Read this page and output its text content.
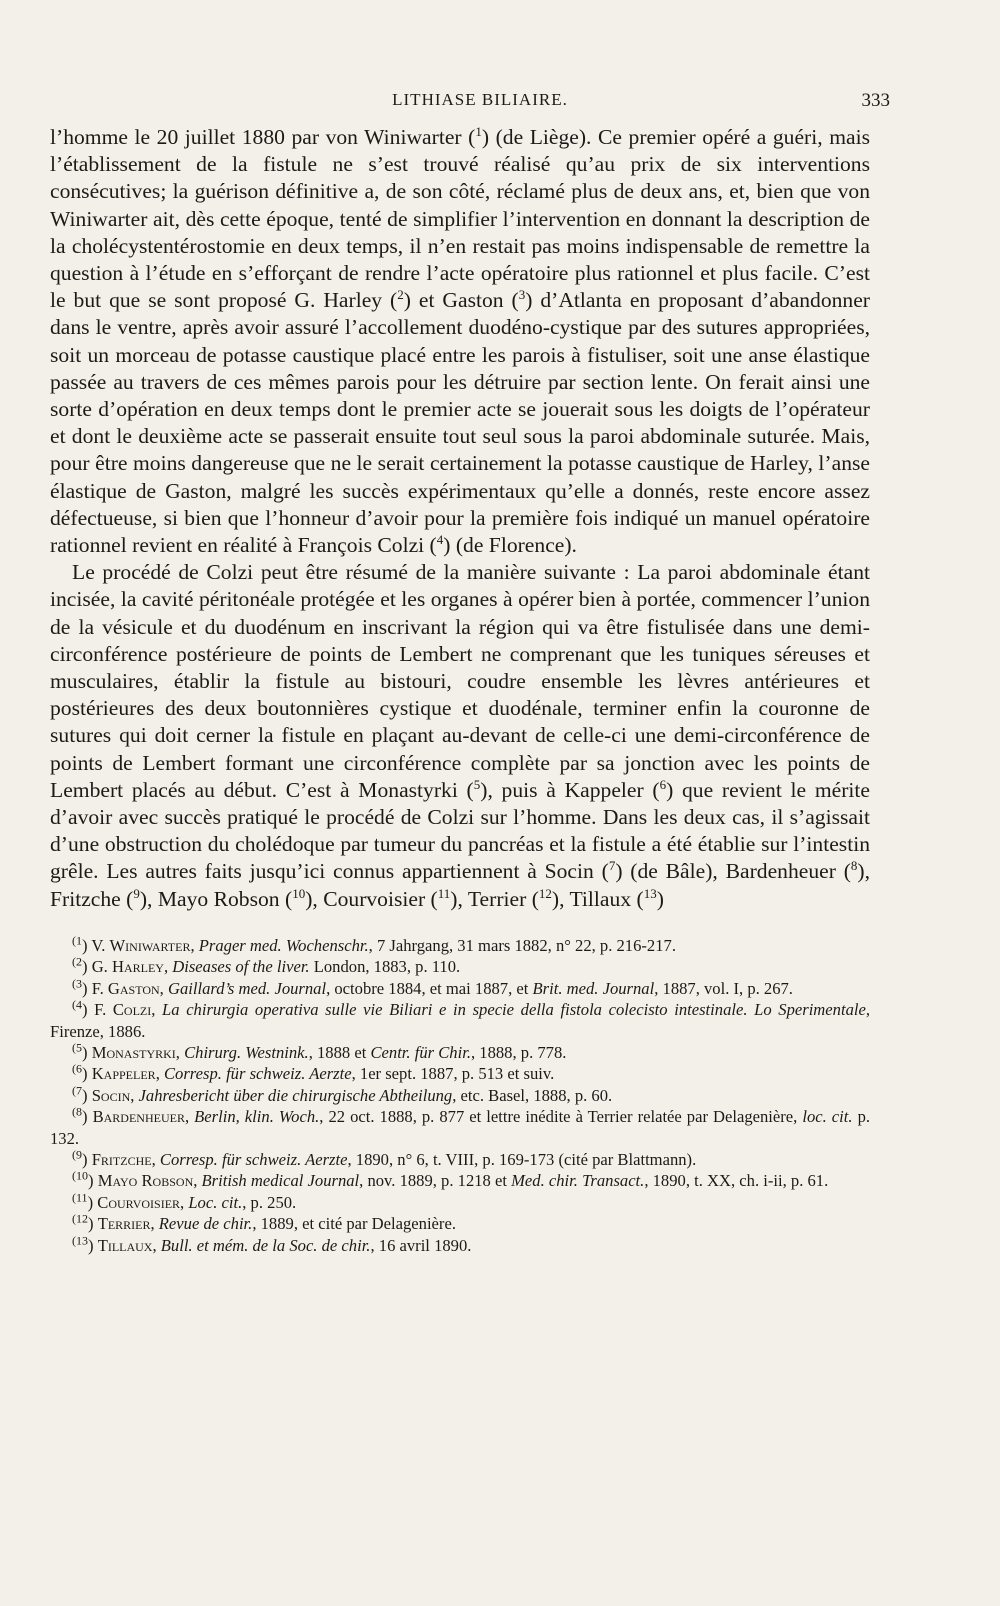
LITHIASE BILIAIRE.	333

l’homme le 20 juillet 1880 par von Winiwarter ($^1$) (de Liège). Ce premier opéré a guéri, mais l’établissement de la fistule ne s’est trouvé réalisé qu’au prix de six interventions consécutives; la guérison définitive a, de son côté, réclamé plus de deux ans, et, bien que von Winiwarter ait, dès cette époque, tenté de simplifier l’intervention en donnant la description de la cholécystentérostomie en deux temps, il n’en restait pas moins indispensable de remettre la question à l’étude en s’efforçant de rendre l’acte opératoire plus rationnel et plus facile. C’est le but que se sont proposé G. Harley ($^2$) et Gaston ($^3$) d’Atlanta en proposant d’abandonner dans le ventre, après avoir assuré l’accollement duodéno-cystique par des sutures appropriées, soit un morceau de potasse caustique placé entre les parois à fistuliser, soit une anse élastique passée au travers de ces mêmes parois pour les détruire par section lente. On ferait ainsi une sorte d’opération en deux temps dont le premier acte se jouerait sous les doigts de l’opérateur et dont le deuxième acte se passerait ensuite tout seul sous la paroi abdominale suturée. Mais, pour être moins dangereuse que ne le serait certainement la potasse caustique de Harley, l’anse élastique de Gaston, malgré les succès expérimentaux qu’elle a donnés, reste encore assez défectueuse, si bien que l’honneur d’avoir pour la première fois indiqué un manuel opératoire rationnel revient en réalité à François Colzi ($^4$) (de Florence).

Le procédé de Colzi peut être résumé de la manière suivante : La paroi abdominale étant incisée, la cavité péritonéale protégée et les organes à opérer bien à portée, commencer l’union de la vésicule et du duodénum en inscrivant la région qui va être fistulisée dans une demi-circonférence postérieure de points de Lembert ne comprenant que les tuniques séreuses et musculaires, établir la fistule au bistouri, coudre ensemble les lèvres antérieures et postérieures des deux boutonnières cystique et duodénale, terminer enfin la couronne de sutures qui doit cerner la fistule en plaçant au-devant de celle-ci une demi-circonférence de points de Lembert formant une circonférence complète par sa jonction avec les points de Lembert placés au début. C’est à Monastyrki ($^5$), puis à Kappeler ($^6$) que revient le mérite d’avoir avec succès pratiqué le procédé de Colzi sur l’homme. Dans les deux cas, il s’agissait d’une obstruction du cholédoque par tumeur du pancréas et la fistule a été établie sur l’intestin grêle. Les autres faits jusqu’ici connus appartiennent à Socin ($^7$) (de Bâle), Bardenheuer ($^8$), Fritzche ($^9$), Mayo Robson ($^{10}$), Courvoisier ($^{11}$), Terrier ($^{12}$), Tillaux ($^{13}$)

$^{(1}$) V. Winiwarter, Prager med. Wochenschr., 7 Jahrgang, 31 mars 1882, n° 22, p. 216-217.

$^{(2}$) G. Harley, Diseases of the liver. London, 1883, p. 110.

$^{(3}$) F. Gaston, Gaillard’s med. Journal, octobre 1884, et mai 1887, et Brit. med. Journal, 1887, vol. I, p. 267.

$^{(4}$) F. Colzi, La chirurgia operativa sulle vie Biliari e in specie della fistola colecisto intestinale. Lo Sperimentale, Firenze, 1886.

$^{(5}$) Monastyrki, Chirurg. Westnink., 1888 et Centr. für Chir., 1888, p. 778.

$^{(6}$) Kappeler, Corresp. für schweiz. Aerzte, 1er sept. 1887, p. 513 et suiv.

$^{(7}$) Socin, Jahresbericht über die chirurgische Abtheilung, etc. Basel, 1888, p. 60.

$^{(8}$) Bardenheuer, Berlin, klin. Woch., 22 oct. 1888, p. 877 et lettre inédite à Terrier relatée par Delagenière, loc. cit. p. 132.

$^{(9}$) Fritzche, Corresp. für schweiz. Aerzte, 1890, n° 6, t. VIII, p. 169-173 (cité par Blattmann).

$^{(10}$) Mayo Robson, British medical Journal, nov. 1889, p. 1218 et Med. chir. Transact., 1890, t. XX, ch. i-ii, p. 61.

$^{(11}$) Courvoisier, Loc. cit., p. 250.

$^{(12}$) Terrier, Revue de chir., 1889, et cité par Delagenière.

$^{(13}$) Tillaux, Bull. et mém. de la Soc. de chir., 16 avril 1890.
